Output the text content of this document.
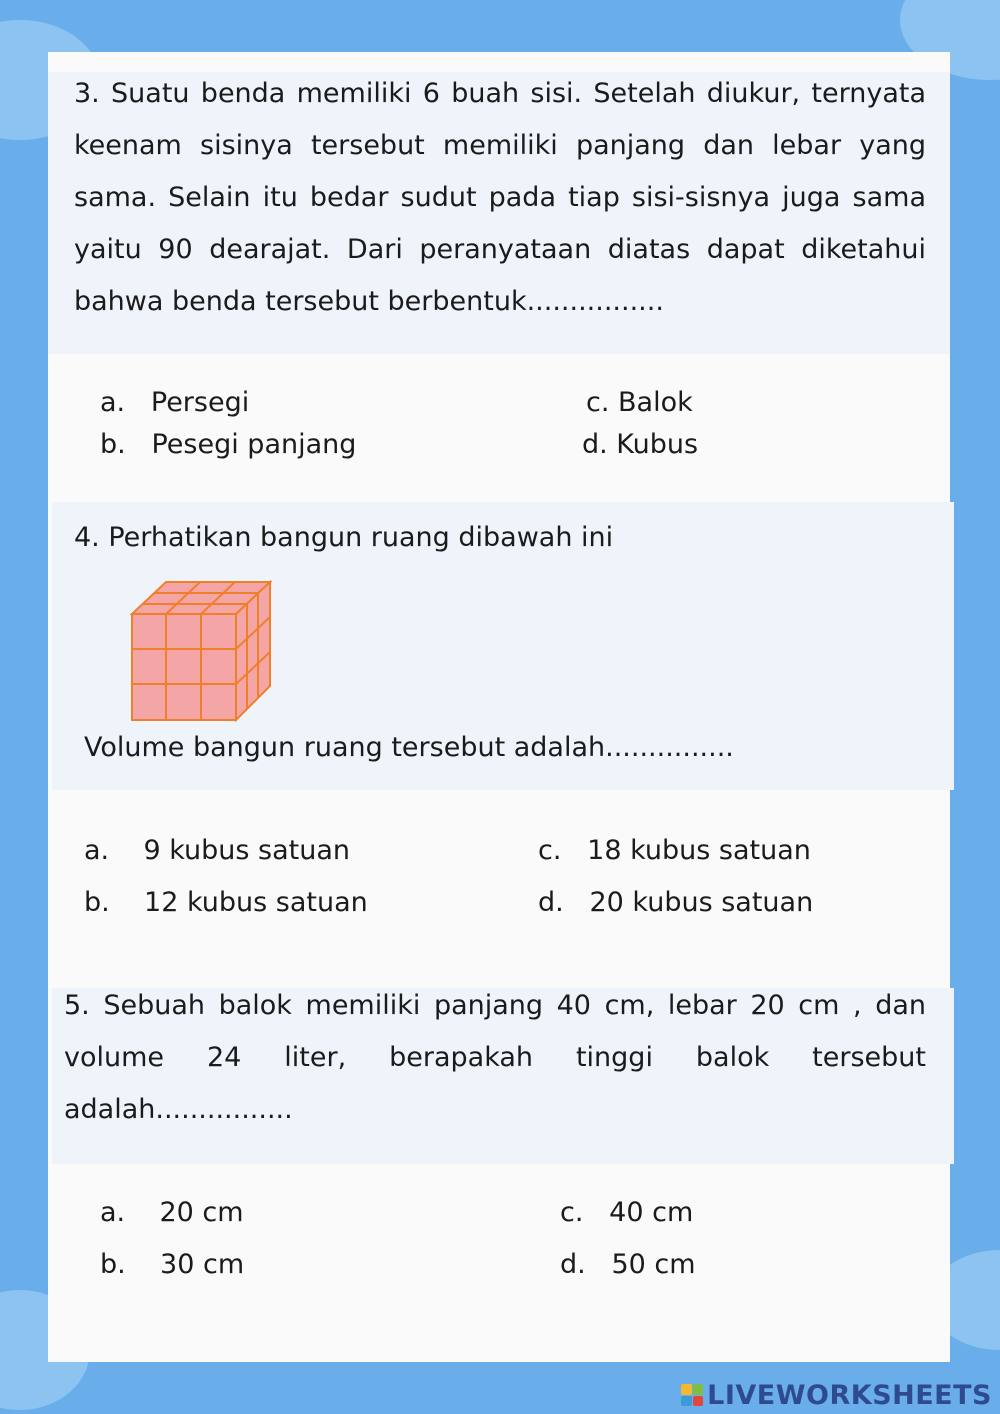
3. Suatu benda memiliki 6 buah sisi. Setelah diukur, ternyata keenam sisinya tersebut memiliki panjang dan lebar yang sama. Selain itu bedar sudut pada tiap sisi-sisnya juga sama yaitu 90 dearajat. Dari peranyataan diatas dapat diketahui bahwa benda tersebut berbentuk................

a.   Persegi
b.   Pesegi panjang
c. Balok
d. Kubus

4. Perhatikan bangun ruang dibawah ini

Volume bangun ruang tersebut adalah...............
a.    9 kubus satuan
b.    12 kubus satuan
c.   18 kubus satuan
d.   20 kubus satuan

5. Sebuah balok memiliki panjang 40 cm, lebar 20 cm , dan volume 24 liter, berapakah tinggi balok tersebut adalah................

a.    20 cm
b.    30 cm
c.   40 cm
d.   50 cm
LIVEWORKSHEETS
